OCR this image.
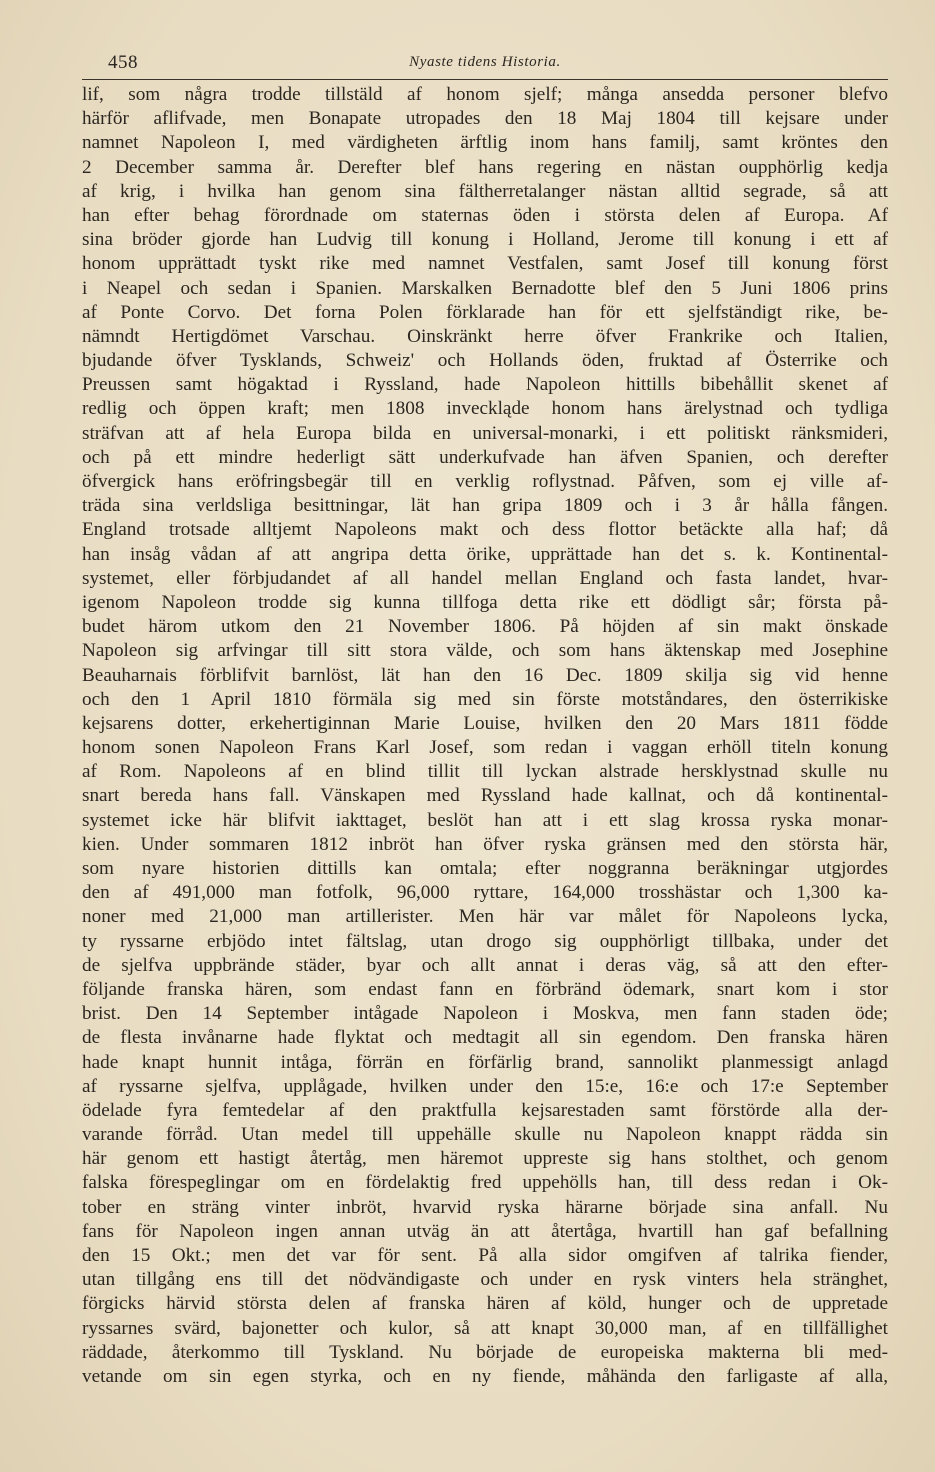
458	Nyaste tidens Historia.
lif, som några trodde tillstäld af honom sjelf; många ansedda personer blefvo
härför aflifvade, men Bonapate utropades den 18 Maj 1804 till kejsare under
namnet Napoleon I, med värdigheten ärftlig inom hans familj, samt kröntes den
2 December samma år. Derefter blef hans regering en nästan oupphörlig kedja
af krig, i hvilka han genom sina fältherretalanger nästan alltid segrade, så att
han efter behag förordnade om staternas öden i största delen af Europa. Af
sina bröder gjorde han Ludvig till konung i Holland, Jerome till konung i ett af
honom upprättadt tyskt rike med namnet Vestfalen, samt Josef till konung först
i Neapel och sedan i Spanien. Marskalken Bernadotte blef den 5 Juni 1806 prins
af Ponte Corvo. Det forna Polen förklarade han för ett sjelfständigt rike, be-
nämndt Hertigdömet Varschau. Oinskränkt herre öfver Frankrike och Italien,
bjudande öfver Tysklands, Schweiz' och Hollands öden, fruktad af Österrike och
Preussen samt högaktad i Ryssland, hade Napoleon hittills bibehållit skenet af
redlig och öppen kraft; men 1808 inveckląde honom hans ärelystnad och tydliga
sträfvan att af hela Europa bilda en universal-monarki, i ett politiskt ränksmideri,
och på ett mindre hederligt sätt underkufvade han äfven Spanien, och derefter
öfvergick hans eröfringsbegär till en verklig roflystnad. Påfven, som ej ville af-
träda sina verldsliga besittningar, lät han gripa 1809 och i 3 år hålla fången.
England trotsade alltjemt Napoleons makt och dess flottor betäckte alla haf; då
han insåg vådan af att angripa detta örike, upprättade han det s. k. Kontinental-
systemet, eller förbjudandet af all handel mellan England och fasta landet, hvar-
igenom Napoleon trodde sig kunna tillfoga detta rike ett dödligt sår; första på-
budet härom utkom den 21 November 1806. På höjden af sin makt önskade
Napoleon sig arfvingar till sitt stora välde, och som hans äktenskap med Josephine
Beauharnais förblifvit barnlöst, lät han den 16 Dec. 1809 skilja sig vid henne
och den 1 April 1810 förmäla sig med sin förste motståndares, den österrikiske
kejsarens dotter, erkehertiginnan Marie Louise, hvilken den 20 Mars 1811 födde
honom sonen Napoleon Frans Karl Josef, som redan i vaggan erhöll titeln konung
af Rom. Napoleons af en blind tillit till lyckan alstrade hersklystnad skulle nu
snart bereda hans fall. Vänskapen med Ryssland hade kallnat, och då kontinental-
systemet icke här blifvit iakttaget, beslöt han att i ett slag krossa ryska monar-
kien. Under sommaren 1812 inbröt han öfver ryska gränsen med den största här,
som nyare historien dittills kan omtala; efter noggranna beräkningar utgjordes
den af 491,000 man fotfolk, 96,000 ryttare, 164,000 trosshästar och 1,300 ka-
noner med 21,000 man artillerister. Men här var målet för Napoleons lycka,
ty ryssarne erbjödo intet fältslag, utan drogo sig oupphörligt tillbaka, under det
de sjelfva uppbrände städer, byar och allt annat i deras väg, så att den efter-
följande franska hären, som endast fann en förbränd ödemark, snart kom i stor
brist. Den 14 September intågade Napoleon i Moskva, men fann staden öde;
de flesta invånarne hade flyktat och medtagit all sin egendom. Den franska hären
hade knapt hunnit intåga, förrän en förfärlig brand, sannolikt planmessigt anlagd
af ryssarne sjelfva, upplågade, hvilken under den 15:e, 16:e och 17:e September
ödelade fyra femtedelar af den praktfulla kejsarestaden samt förstörde alla der-
varande förråd. Utan medel till uppehälle skulle nu Napoleon knappt rädda sin
här genom ett hastigt återtåg, men häremot uppreste sig hans stolthet, och genom
falska förespeglingar om en fördelaktig fred uppehölls han, till dess redan i Ok-
tober en sträng vinter inbröt, hvarvid ryska härarne började sina anfall. Nu
fans för Napoleon ingen annan utväg än att återtåga, hvartill han gaf befallning
den 15 Okt.; men det var för sent. På alla sidor omgifven af talrika fiender,
utan tillgång ens till det nödvändigaste och under en rysk vinters hela stränghet,
förgicks härvid största delen af franska hären af köld, hunger och de uppretade
ryssarnes svärd, bajonetter och kulor, så att knapt 30,000 man, af en tillfällighet
räddade, återkommo till Tyskland. Nu började de europeiska makterna bli med-
vetande om sin egen styrka, och en ny fiende, måhända den farligaste af alla,
